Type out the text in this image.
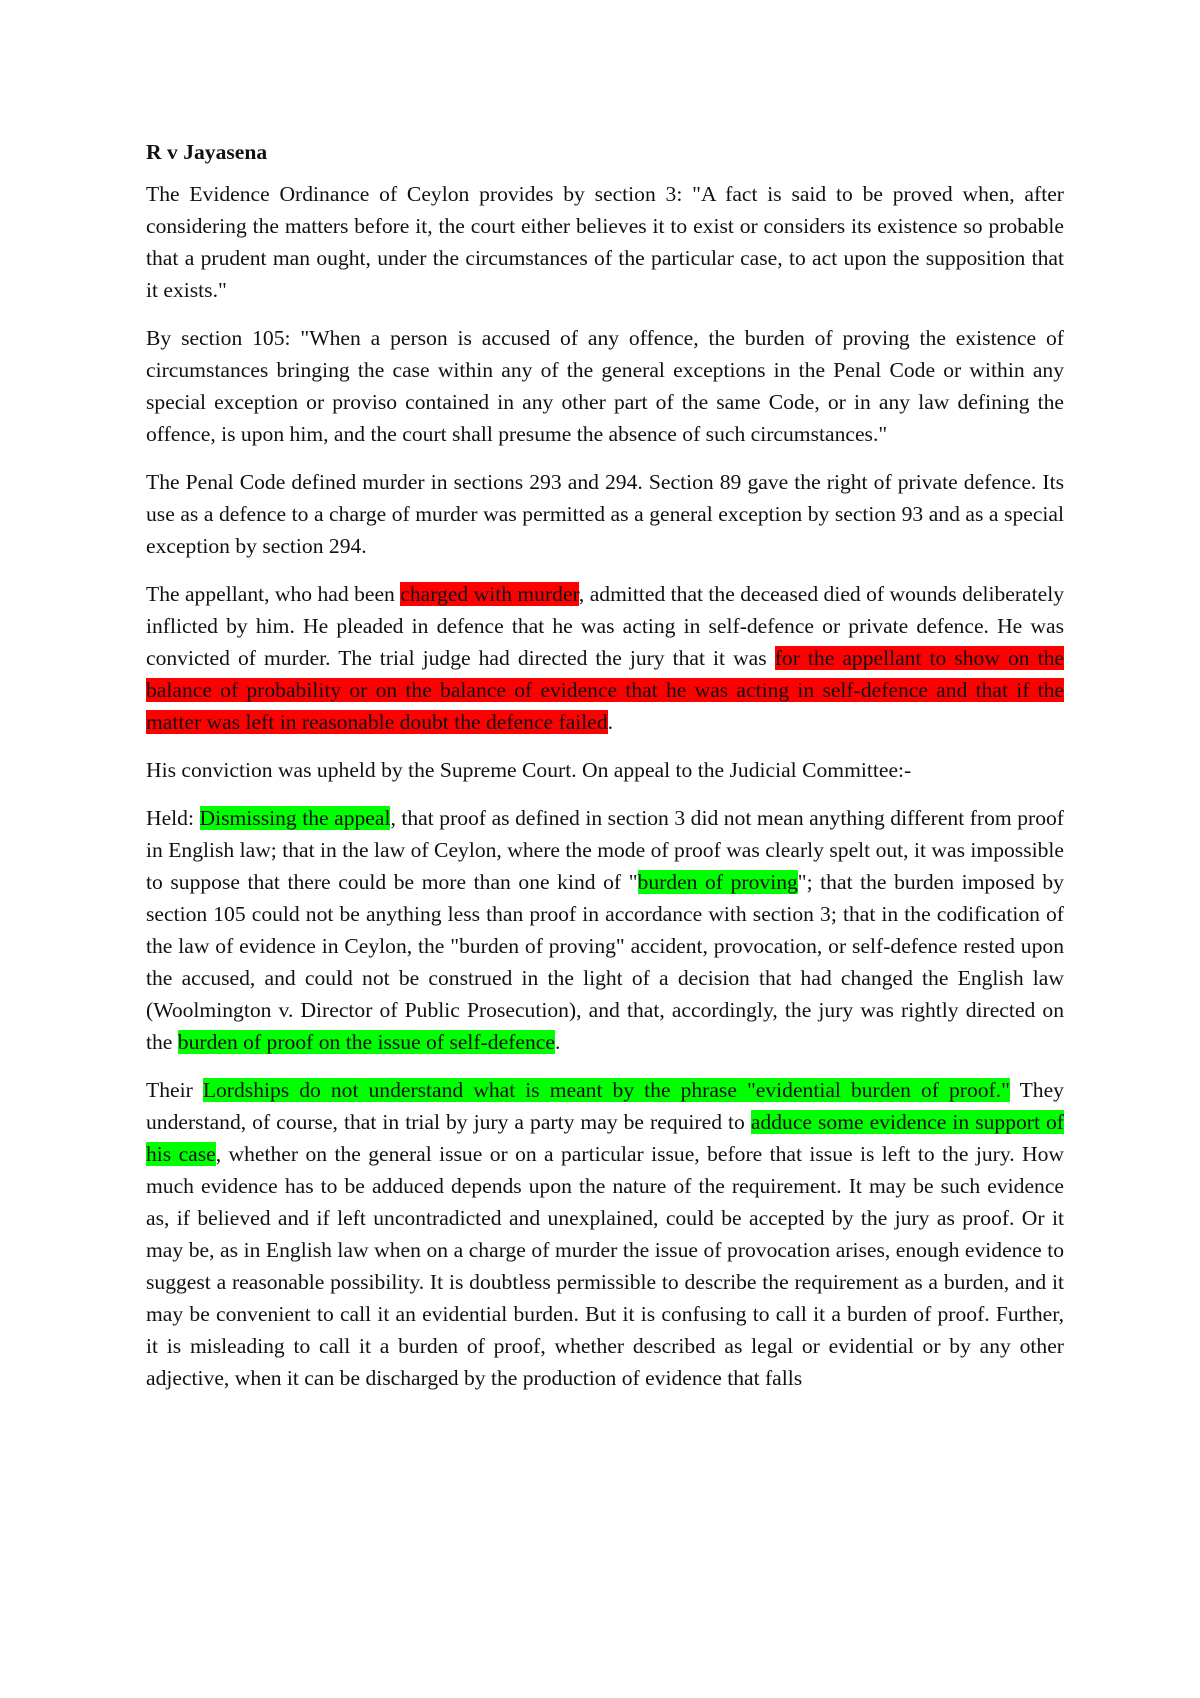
R v Jayasena

The Evidence Ordinance of Ceylon provides by section 3: "A fact is said to be proved when, after considering the matters before it, the court either believes it to exist or considers its existence so probable that a prudent man ought, under the circumstances of the particular case, to act upon the supposition that it exists."

By section 105: "When a person is accused of any offence, the burden of proving the existence of circumstances bringing the case within any of the general exceptions in the Penal Code or within any special exception or proviso contained in any other part of the same Code, or in any law defining the offence, is upon him, and the court shall presume the absence of such circumstances."

The Penal Code defined murder in sections 293 and 294. Section 89 gave the right of private defence. Its use as a defence to a charge of murder was permitted as a general exception by section 93 and as a special exception by section 294.

The appellant, who had been charged with murder, admitted that the deceased died of wounds deliberately inflicted by him. He pleaded in defence that he was acting in self-defence or private defence. He was convicted of murder. The trial judge had directed the jury that it was for the appellant to show on the balance of probability or on the balance of evidence that he was acting in self-defence and that if the matter was left in reasonable doubt the defence failed.

His conviction was upheld by the Supreme Court. On appeal to the Judicial Committee:-

Held: Dismissing the appeal, that proof as defined in section 3 did not mean anything different from proof in English law; that in the law of Ceylon, where the mode of proof was clearly spelt out, it was impossible to suppose that there could be more than one kind of "burden of proving"; that the burden imposed by section 105 could not be anything less than proof in accordance with section 3; that in the codification of the law of evidence in Ceylon, the "burden of proving" accident, provocation, or self-defence rested upon the accused, and could not be construed in the light of a decision that had changed the English law (Woolmington v. Director of Public Prosecution), and that, accordingly, the jury was rightly directed on the burden of proof on the issue of self-defence.

Their Lordships do not understand what is meant by the phrase "evidential burden of proof." They understand, of course, that in trial by jury a party may be required to adduce some evidence in support of his case, whether on the general issue or on a particular issue, before that issue is left to the jury. How much evidence has to be adduced depends upon the nature of the requirement. It may be such evidence as, if believed and if left uncontradicted and unexplained, could be accepted by the jury as proof. Or it may be, as in English law when on a charge of murder the issue of provocation arises, enough evidence to suggest a reasonable possibility. It is doubtless permissible to describe the requirement as a burden, and it may be convenient to call it an evidential burden. But it is confusing to call it a burden of proof. Further, it is misleading to call it a burden of proof, whether described as legal or evidential or by any other adjective, when it can be discharged by the production of evidence that falls
